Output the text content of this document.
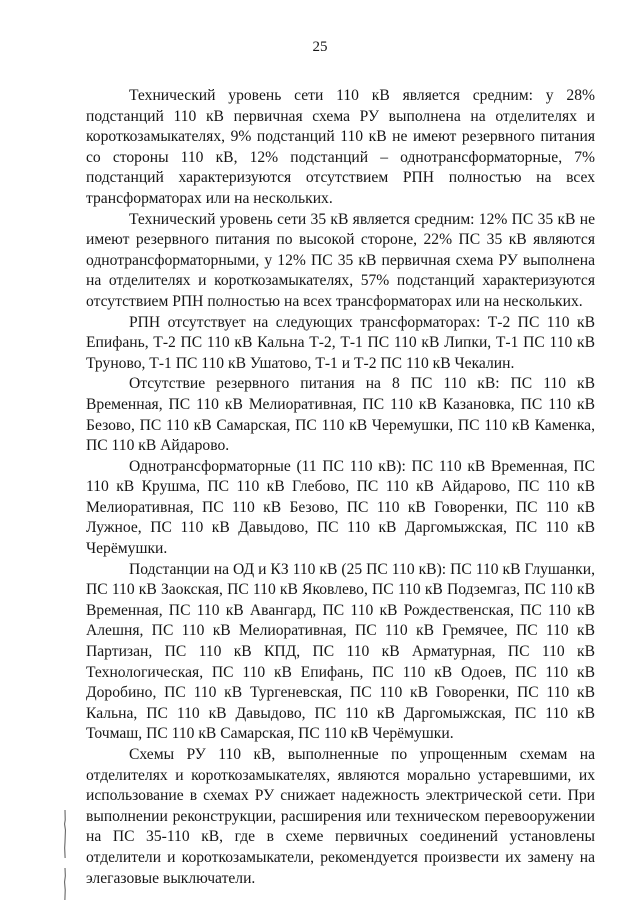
25

Технический уровень сети 110 кВ является средним: у 28% подстанций 110 кВ первичная схема РУ выполнена на отделителях и короткозамыкателях, 9% подстанций 110 кВ не имеют резервного питания со стороны 110 кВ, 12% подстанций – однотрансформаторные, 7% подстанций характеризуются отсутствием РПН полностью на всех трансформаторах или на нескольких.

Технический уровень сети 35 кВ является средним: 12% ПС 35 кВ не имеют резервного питания по высокой стороне, 22% ПС 35 кВ являются однотрансформаторными, у 12% ПС 35 кВ первичная схема РУ выполнена на отделителях и короткозамыкателях, 57% подстанций характеризуются отсутствием РПН полностью на всех трансформаторах или на нескольких.

РПН отсутствует на следующих трансформаторах: Т-2 ПС 110 кВ Епифань, Т-2 ПС 110 кВ Кальна Т-2, Т-1 ПС 110 кВ Липки, Т-1 ПС 110 кВ Труново, Т-1 ПС 110 кВ Ушатово, Т-1 и Т-2 ПС 110 кВ Чекалин.

Отсутствие резервного питания на 8 ПС 110 кВ: ПС 110 кВ Временная, ПС 110 кВ Мелиоративная, ПС 110 кВ Казановка, ПС 110 кВ Безово, ПС 110 кВ Самарская, ПС 110 кВ Черемушки, ПС 110 кВ Каменка, ПС 110 кВ Айдарово.

Однотрансформаторные (11 ПС 110 кВ): ПС 110 кВ Временная, ПС 110 кВ Крушма, ПС 110 кВ Глебово, ПС 110 кВ Айдарово, ПС 110 кВ Мелиоративная, ПС 110 кВ Безово, ПС 110 кВ Говоренки, ПС 110 кВ Лужное, ПС 110 кВ Давыдово, ПС 110 кВ Даргомыжская, ПС 110 кВ Черёмушки.

Подстанции на ОД и КЗ 110 кВ (25 ПС 110 кВ): ПС 110 кВ Глушанки, ПС 110 кВ Заокская, ПС 110 кВ Яковлево, ПС 110 кВ Подземгаз, ПС 110 кВ Временная, ПС 110 кВ Авангард, ПС 110 кВ Рождественская, ПС 110 кВ Алешня, ПС 110 кВ Мелиоративная, ПС 110 кВ Гремячее, ПС 110 кВ Партизан, ПС 110 кВ КПД, ПС 110 кВ Арматурная, ПС 110 кВ Технологическая, ПС 110 кВ Епифань, ПС 110 кВ Одоев, ПС 110 кВ Доробино, ПС 110 кВ Тургеневская, ПС 110 кВ Говоренки, ПС 110 кВ Кальна, ПС 110 кВ Давыдово, ПС 110 кВ Даргомыжская, ПС 110 кВ Точмаш, ПС 110 кВ Самарская, ПС 110 кВ Черёмушки.

Схемы РУ 110 кВ, выполненные по упрощенным схемам на отделителях и короткозамыкателях, являются морально устаревшими, их использование в схемах РУ снижает надежность электрической сети. При выполнении реконструкции, расширения или техническом перевооружении на ПС 35-110 кВ, где в схеме первичных соединений установлены отделители и короткозамыкатели, рекомендуется произвести их замену на элегазовые выключатели.
